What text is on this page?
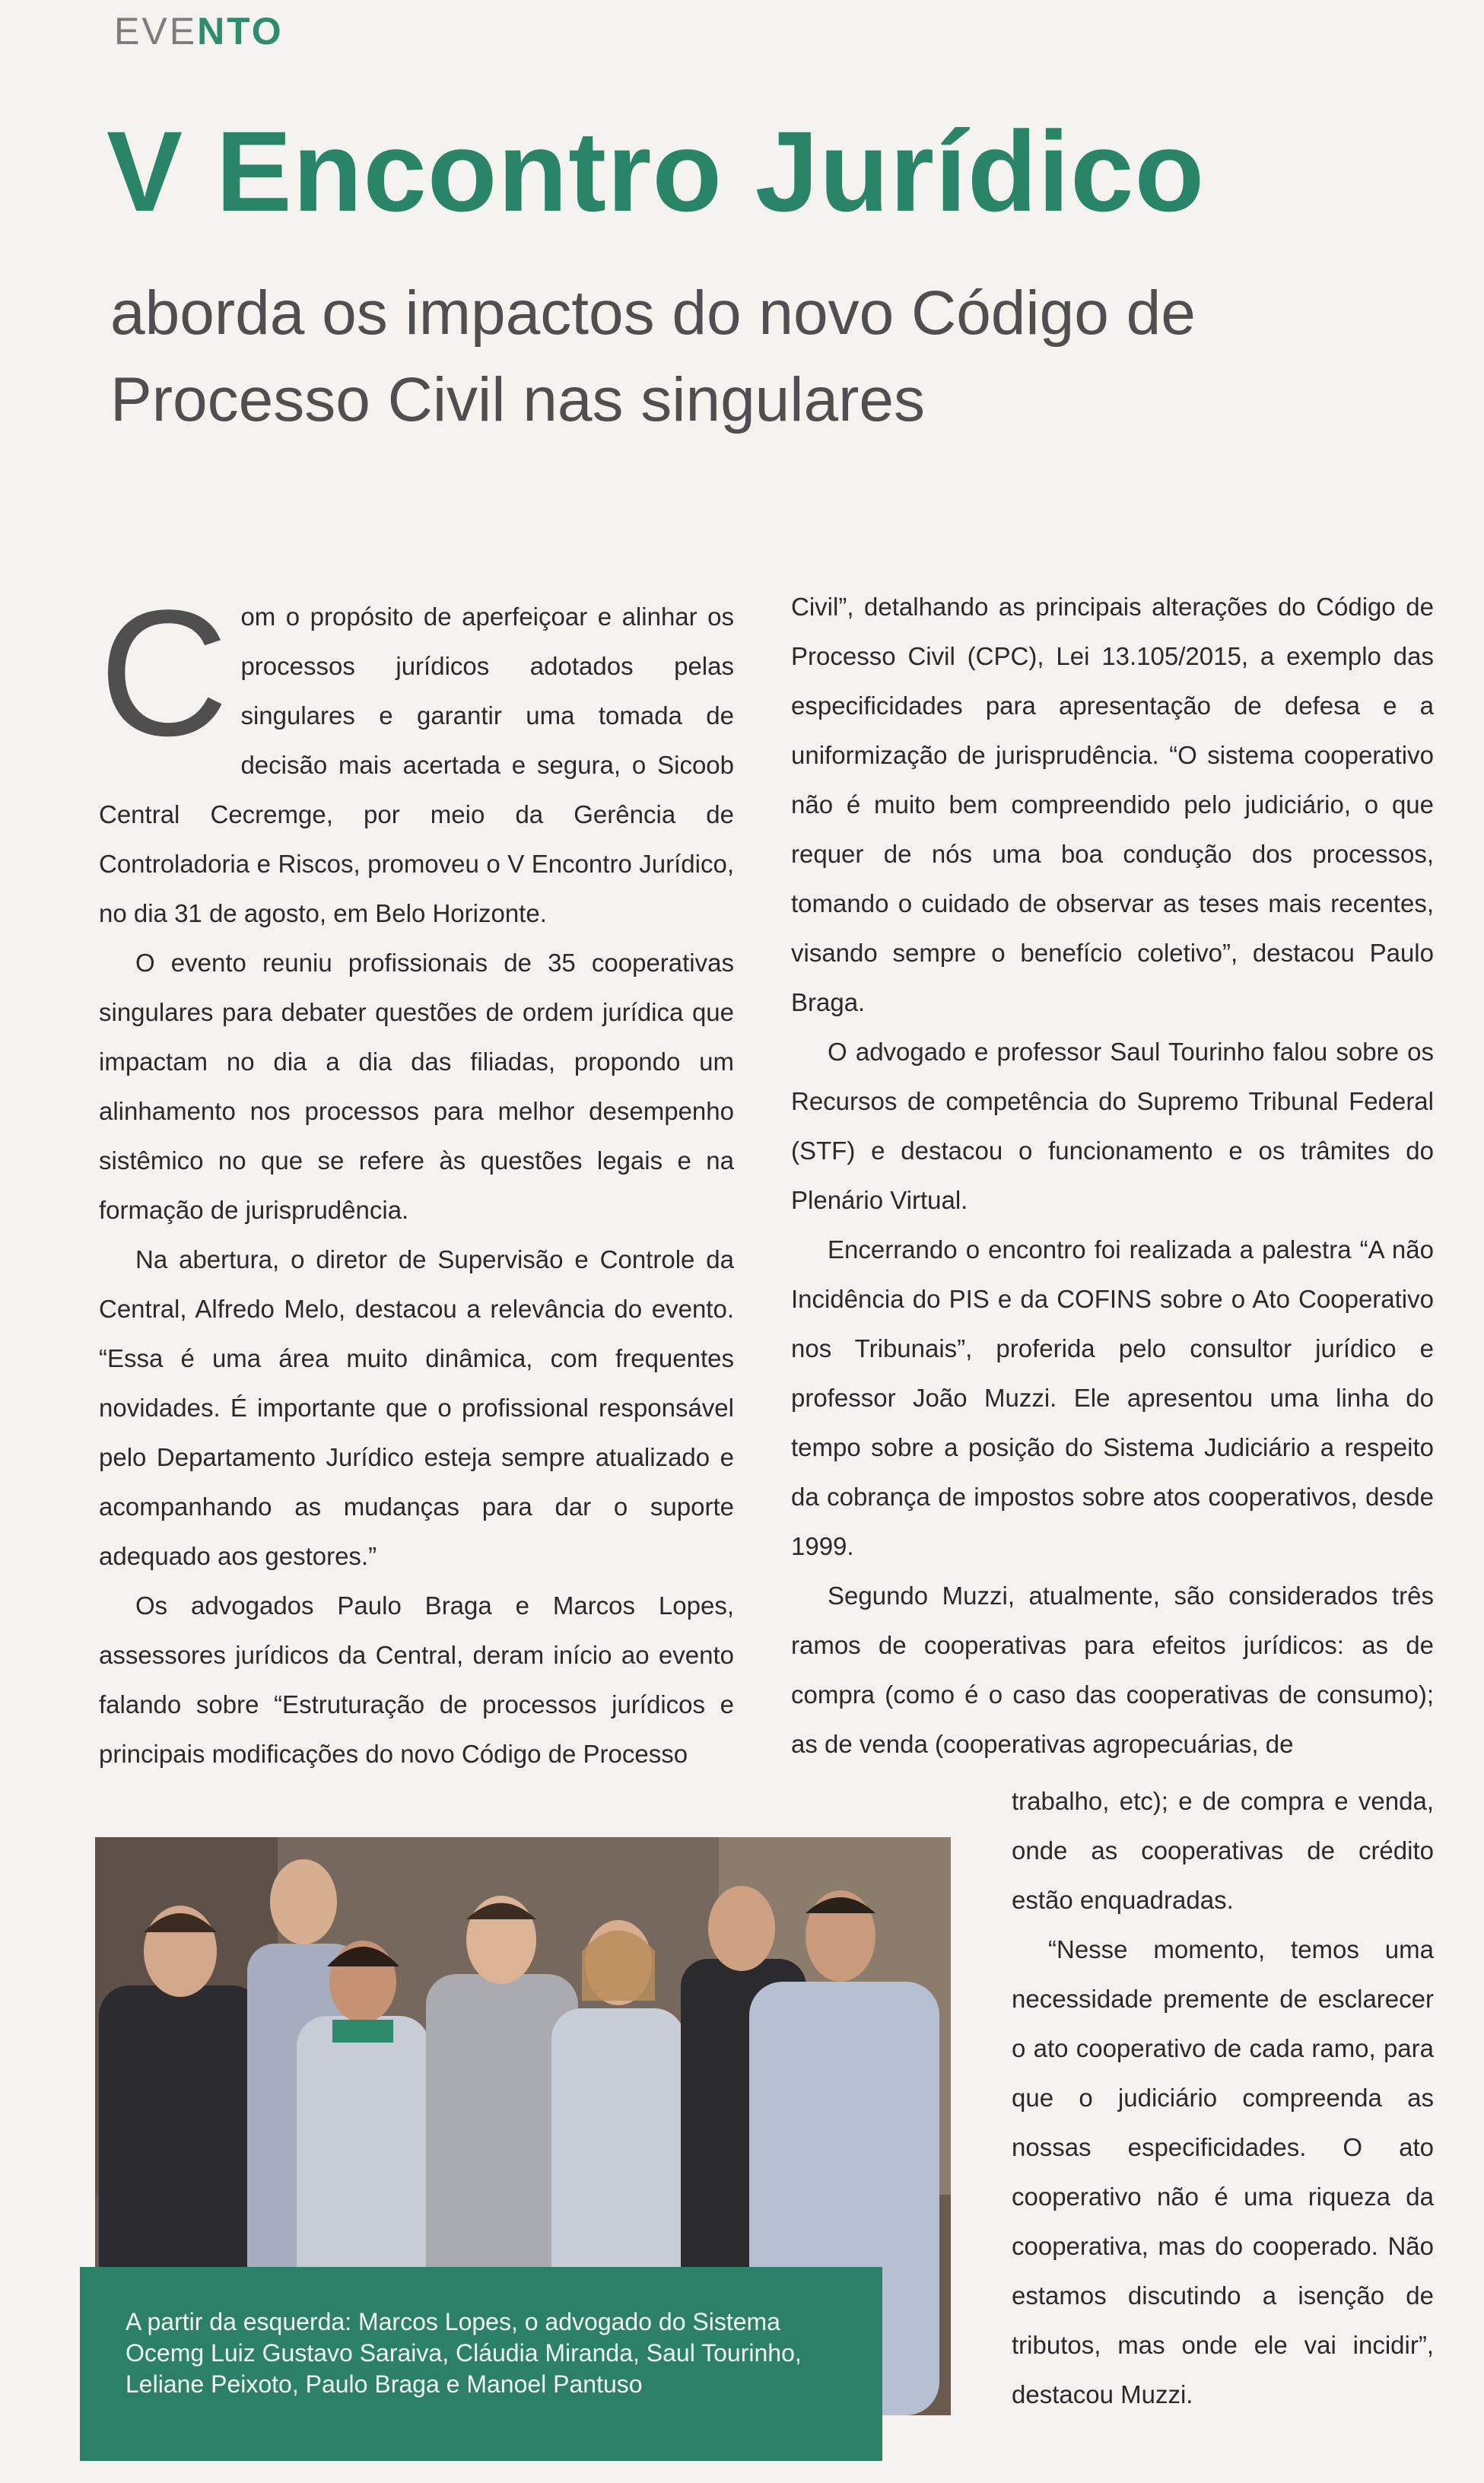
EVENTO
V Encontro Jurídico
aborda os impactos do novo Código de Processo Civil nas singulares

Com o propósito de aperfeiçoar e alinhar os processos jurídicos adotados pelas singulares e garantir uma tomada de decisão mais acertada e segura, o Sicoob Central Cecremge, por meio da Gerência de Controladoria e Riscos, promoveu o V Encontro Jurídico, no dia 31 de agosto, em Belo Horizonte.

O evento reuniu profissionais de 35 cooperativas singulares para debater questões de ordem jurídica que impactam no dia a dia das filiadas, propondo um alinhamento nos processos para melhor desempenho sistêmico no que se refere às questões legais e na formação de jurisprudência.

Na abertura, o diretor de Supervisão e Controle da Central, Alfredo Melo, destacou a relevância do evento. “Essa é uma área muito dinâmica, com frequentes novidades. É importante que o profissional responsável pelo Departamento Jurídico esteja sempre atualizado e acompanhando as mudanças para dar o suporte adequado aos gestores.”

Os advogados Paulo Braga e Marcos Lopes, assessores jurídicos da Central, deram início ao evento falando sobre “Estruturação de processos jurídicos e principais modificações do novo Código de Processo

Civil”, detalhando as principais alterações do Código de Processo Civil (CPC), Lei 13.105/2015, a exemplo das especificidades para apresentação de defesa e a uniformização de jurisprudência. “O sistema cooperativo não é muito bem compreendido pelo judiciário, o que requer de nós uma boa condução dos processos, tomando o cuidado de observar as teses mais recentes, visando sempre o benefício coletivo”, destacou Paulo Braga.

O advogado e professor Saul Tourinho falou sobre os Recursos de competência do Supremo Tribunal Federal (STF) e destacou o funcionamento e os trâmites do Plenário Virtual.

Encerrando o encontro foi realizada a palestra “A não Incidência do PIS e da COFINS sobre o Ato Cooperativo nos Tribunais”, proferida pelo consultor jurídico e professor João Muzzi. Ele apresentou uma linha do tempo sobre a posição do Sistema Judiciário a respeito da cobrança de impostos sobre atos cooperativos, desde 1999.

Segundo Muzzi, atualmente, são considerados três ramos de cooperativas para efeitos jurídicos: as de compra (como é o caso das cooperativas de consumo); as de venda (cooperativas agropecuárias, de

trabalho, etc); e de compra e venda, onde as cooperativas de crédito estão enquadradas.

“Nesse momento, temos uma necessidade premente de esclarecer o ato cooperativo de cada ramo, para que o judiciário compreenda as nossas especificidades. O ato cooperativo não é uma riqueza da cooperativa, mas do cooperado. Não estamos discutindo a isenção de tributos, mas onde ele vai incidir”, destacou Muzzi.

A partir da esquerda: Marcos Lopes, o advogado do Sistema Ocemg Luiz Gustavo Saraiva, Cláudia Miranda, Saul Tourinho, Leliane Peixoto, Paulo Braga e Manoel Pantuso
